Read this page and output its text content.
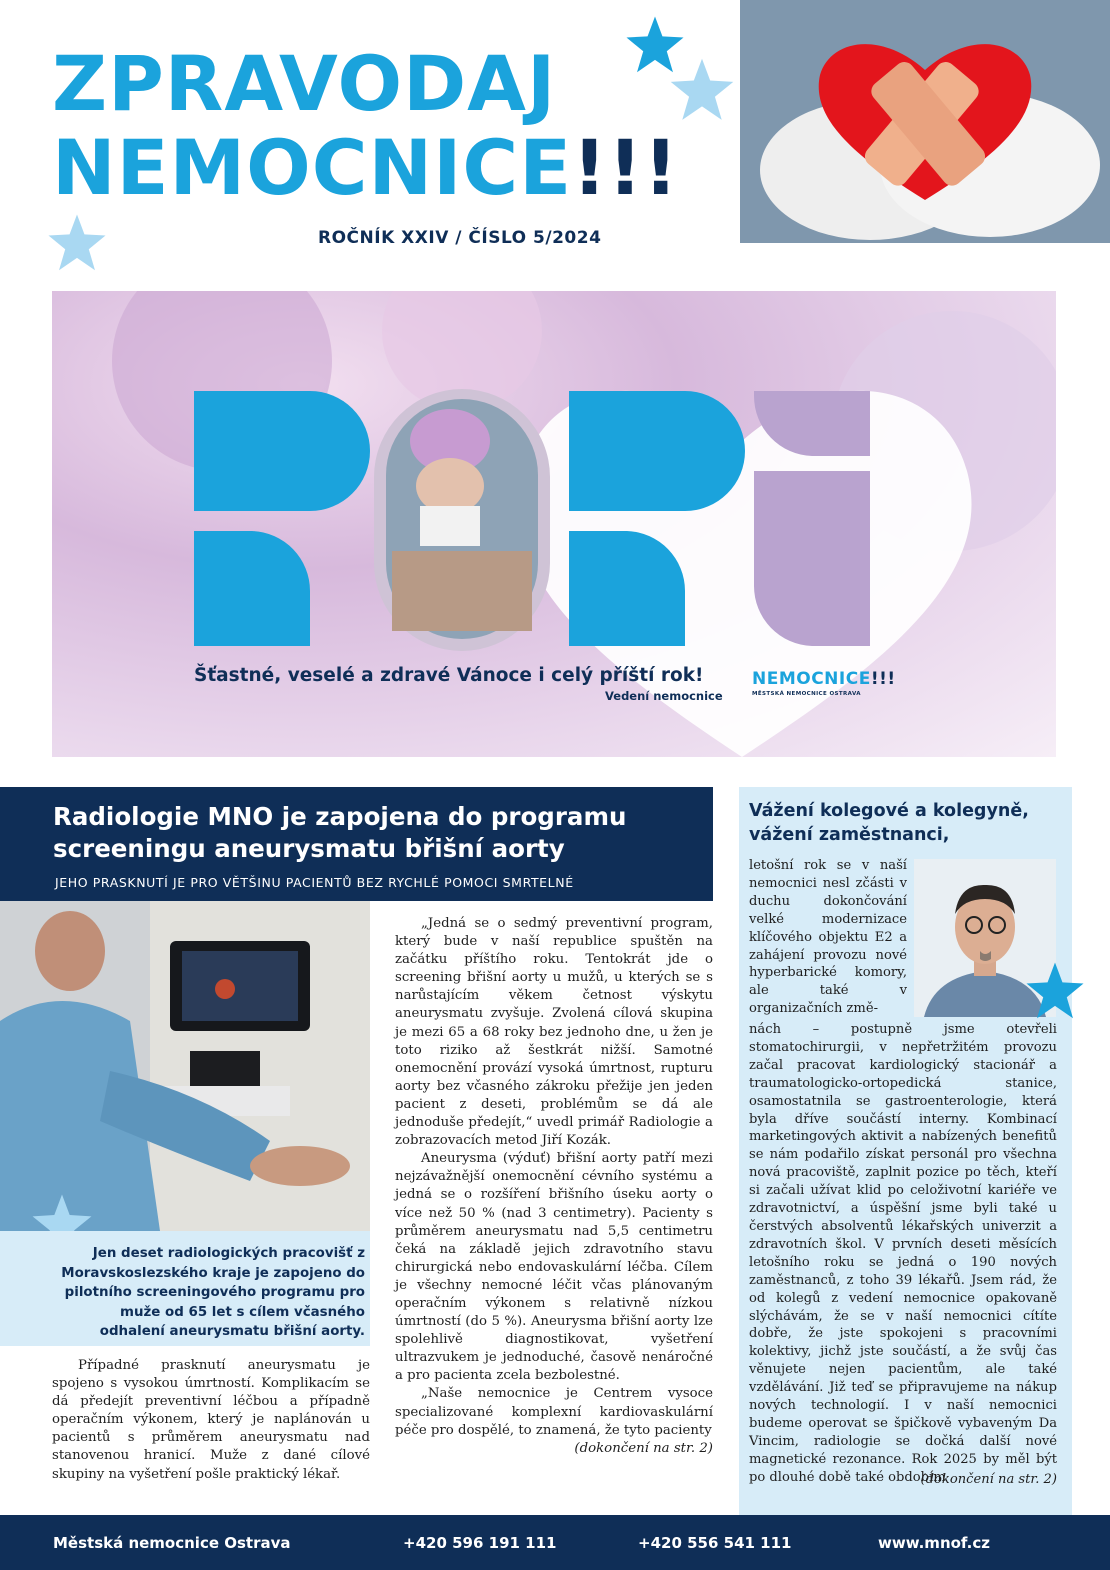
ZPRAVODAJ
NEMOCNICE!!!
ROČNÍK XXIV / ČÍSLO 5/2024
Šťastné, veselé a zdravé Vánoce i celý příští rok!
Vedení nemocnice
NEMOCNICE!!!
MĚSTSKÁ NEMOCNICE OSTRAVA
Radiologie MNO je zapojena do programu screeningu aneurysmatu břišní aorty
JEHO PRASKNUTÍ JE PRO VĚTŠINU PACIENTŮ BEZ RYCHLÉ POMOCI SMRTELNÉ

Jen deset radiologických pracovišť z Moravskoslezského kraje je zapojeno do pilotního screeningového programu pro muže od 65 let s cílem včasného odhalení aneurysmatu břišní aorty.

Případné prasknutí aneurysmatu je spojeno s vysokou úmrtností. Komplikacím se dá předejít preventivní léčbou a případně operačním výkonem, který je naplánován u pacientů s průměrem aneurysmatu nad stanovenou hranicí. Muže z dané cílové skupiny na vyšetření pošle praktický lékař.

„Jedná se o sedmý preventivní program, který bude v naší republice spuštěn na začátku příštího roku. Tentokrát jde o screening břišní aorty u mužů, u kterých se s narůstajícím věkem četnost výskytu aneurysmatu zvyšuje. Zvolená cílová skupina je mezi 65 a 68 roky bez jednoho dne, u žen je toto riziko až šestkrát nižší. Samotné onemocnění provází vysoká úmrtnost, rupturu aorty bez včasného zákroku přežije jen jeden pacient z deseti, problémům se dá ale jednoduše předejít,“ uvedl primář Radiologie a zobrazovacích metod Jiří Kozák.

Aneurysma (výduť) břišní aorty patří mezi nejzávažnější onemocnění cévního systému a jedná se o rozšíření břišního úseku aorty o více než 50 % (nad 3 centimetry). Pacienty s průměrem aneurysmatu nad 5,5 centimetru čeká na základě jejich zdravotního stavu chirurgická nebo endovaskulární léčba. Cílem je všechny nemocné léčit včas plánovaným operačním výkonem s relativně nízkou úmrtností (do 5 %). Aneurysma břišní aorty lze spolehlivě diagnostikovat, vyšetření ultrazvukem je jednoduché, časově nenáročné a pro pacienta zcela bezbolestné.

„Naše nemocnice je Centrem vysoce specializované komplexní kardiovaskulární péče pro dospělé, to znamená, že tyto pacienty

(dokončení na str. 2)

Vážení kolegové a kolegyně, vážení zaměstnanci,

letošní rok se v naší nemocnici nesl zčásti v duchu dokončování velké modernizace klíčového objektu E2 a zahájení provozu nové hyperbarické komory, ale také v organizačních změ-

nách – postupně jsme otevřeli stomatochirurgii, v nepřetržitém provozu začal pracovat kardiologický stacionář a traumatologicko-ortopedická stanice, osamostatnila se gastroenterologie, která byla dříve součástí interny. Kombinací marketingových aktivit a nabízených benefitů se nám podařilo získat personál pro všechna nová pracoviště, zaplnit pozice po těch, kteří si začali užívat klid po celoživotní kariéře ve zdravotnictví, a úspěšní jsme byli také u čerstvých absolventů lékařských univerzit a zdravotních škol. V prvních deseti měsících letošního roku se jedná o 190 nových zaměstnanců, z toho 39 lékařů. Jsem rád, že od kolegů z vedení nemocnice opakovaně slýchávám, že se v naší nemocnici cítíte dobře, že jste spokojeni s pracovními kolektivy, jichž jste součástí, a že svůj čas věnujete nejen pacientům, ale také vzdělávání. Již teď se připravujeme na nákup nových technologií. I v naší nemocnici budeme operovat se špičkově vybaveným Da Vincim, radiologie se dočká další nové magnetické rezonance. Rok 2025 by měl být po dlouhé době také obdobím

(dokončení na str. 2)

Městská nemocnice Ostrava	+420 596 191 111	+420 556 541 111	www.mnof.cz
